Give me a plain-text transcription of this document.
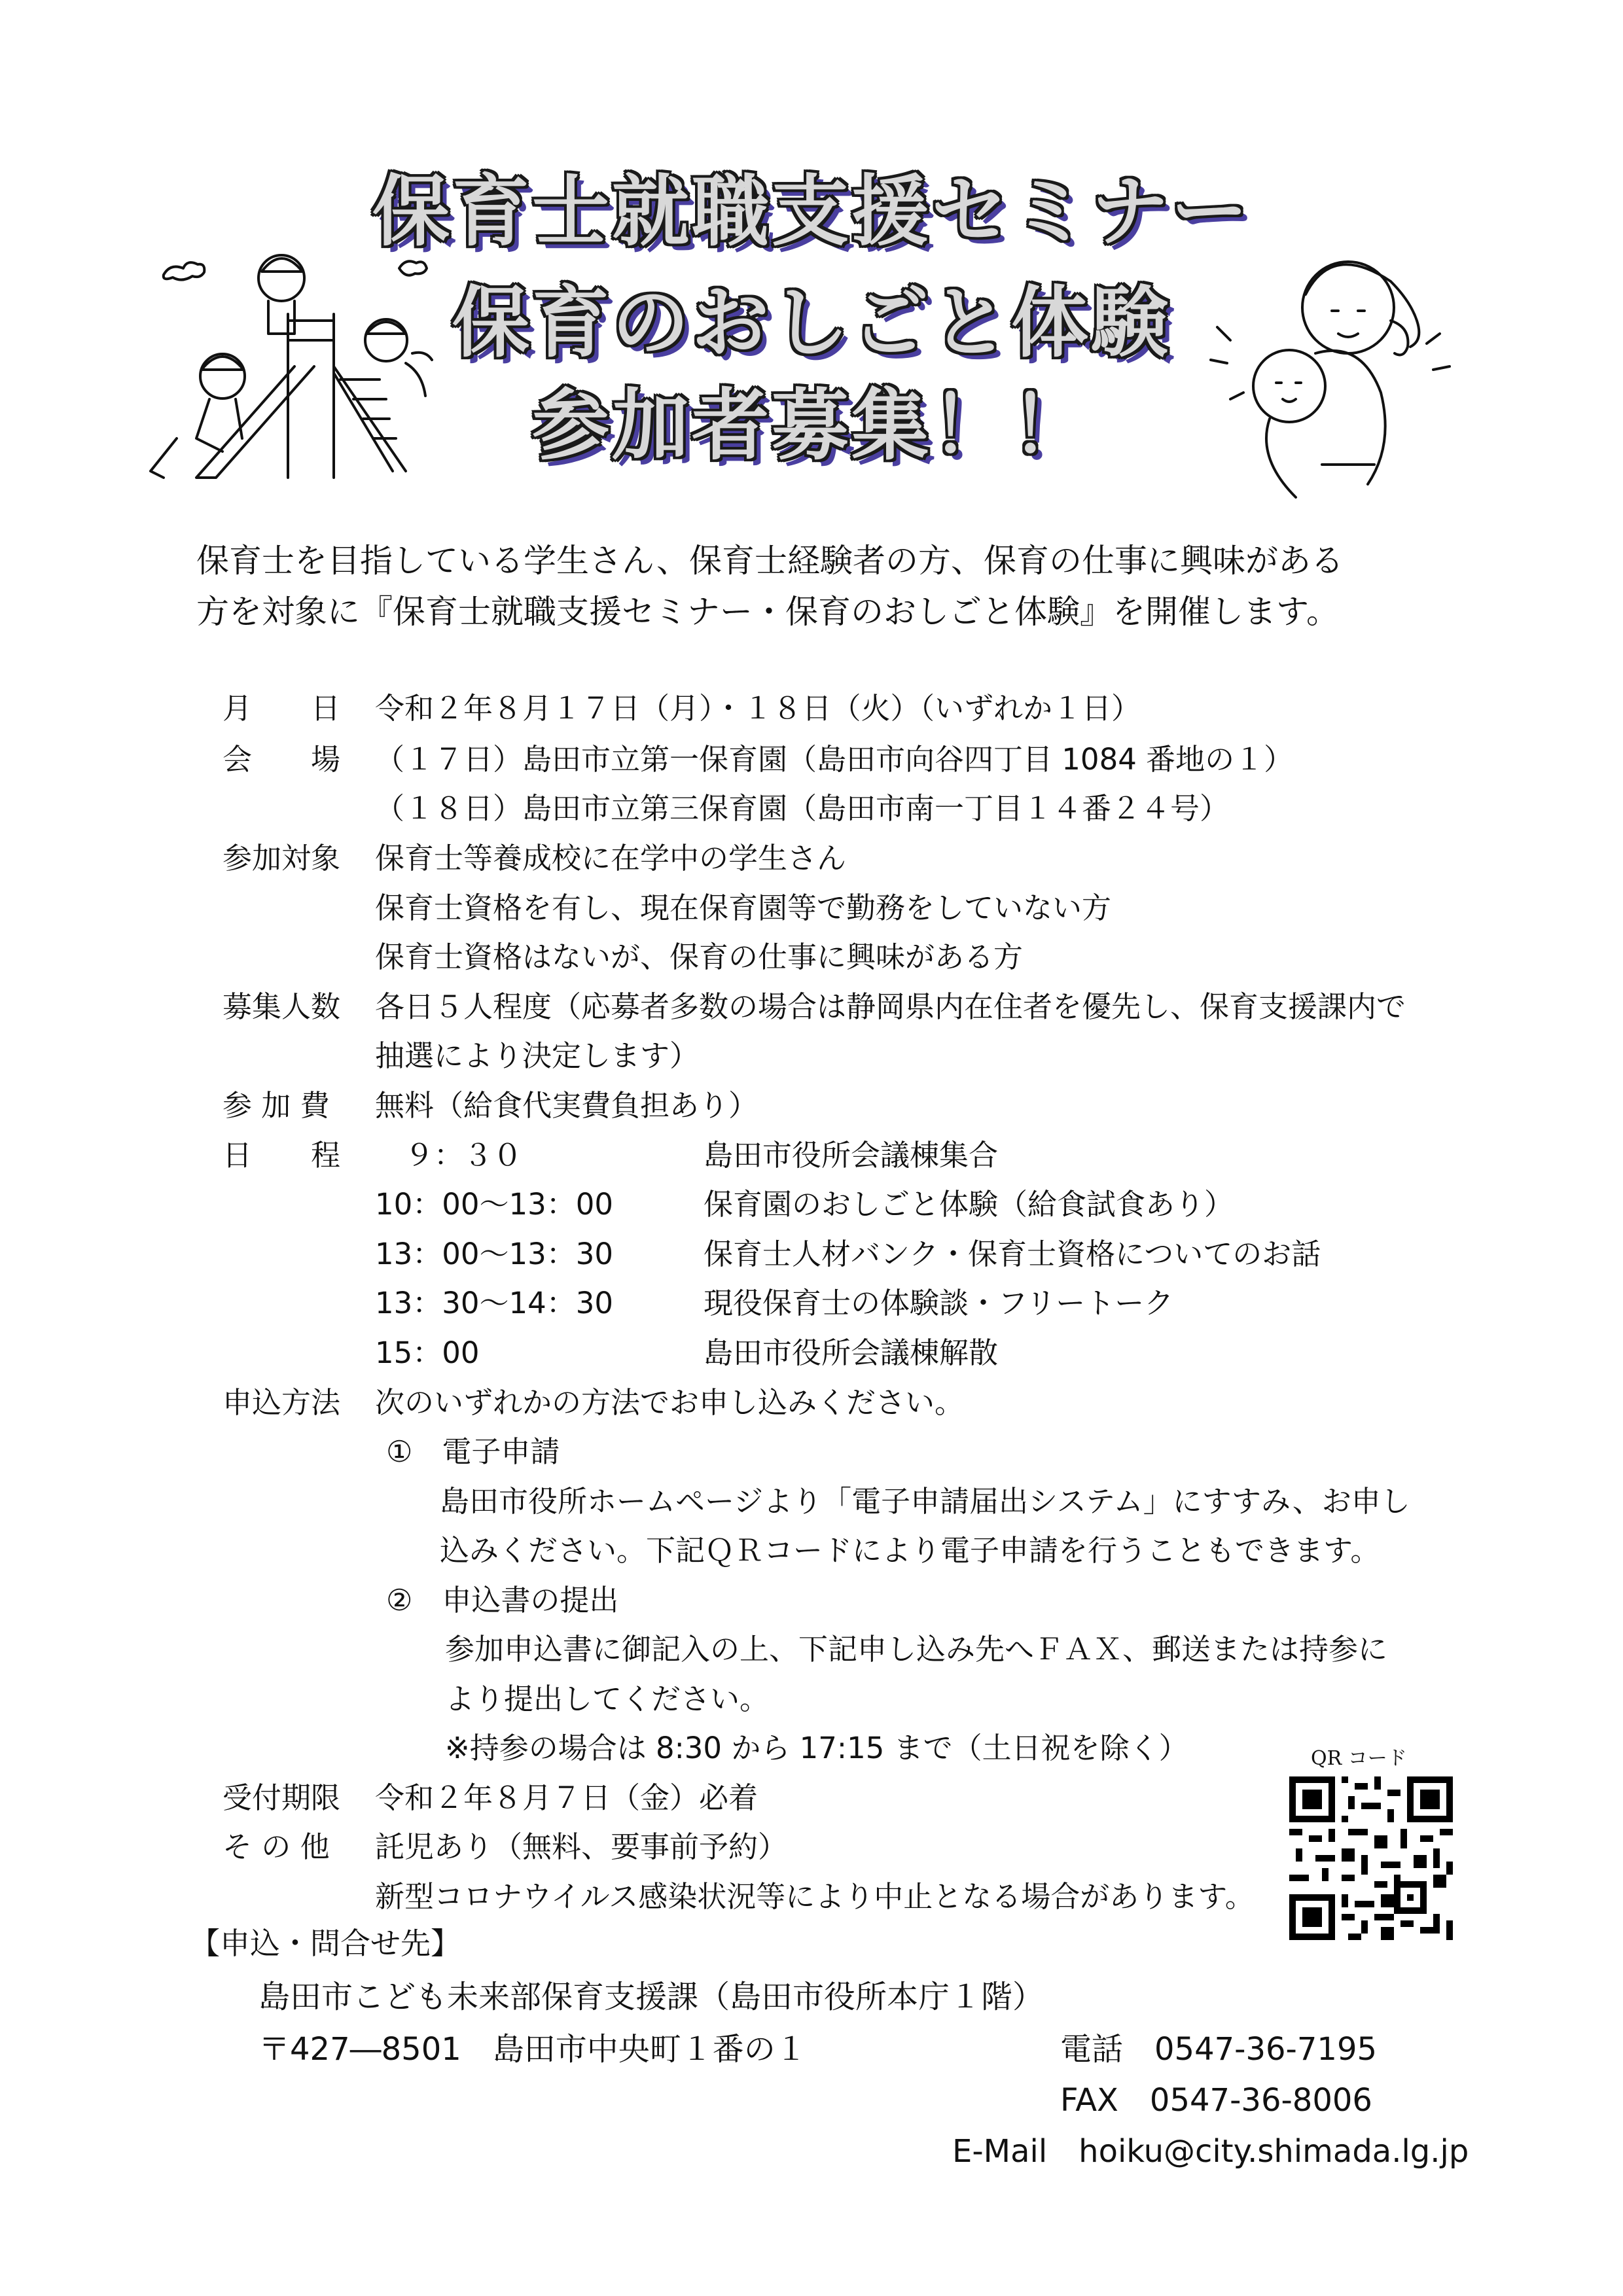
保育士就職支援セミナー
保育のおしごと体験
参加者募集！！
保育士を目指している学生さん、保育士経験者の方、保育の仕事に興味がある
方を対象に『保育士就職支援セミナー・保育のおしごと体験』を開催します。
月　　日 令和２年８月１７日（月）・１８日（火）（いずれか１日）
会　　場 （１７日）島田市立第一保育園（島田市向谷四丁目 1084 番地の１）
（１８日）島田市立第三保育園（島田市南一丁目１４番２４号）
参加対象 保育士等養成校に在学中の学生さん
保育士資格を有し、現在保育園等で勤務をしていない方
保育士資格はないが、保育の仕事に興味がある方
募集人数 各日５人程度（応募者多数の場合は静岡県内在住者を優先し、保育支援課内で
抽選により決定します）
参 加 費 無料（給食代実費負担あり）
日　　程 　９：３０	島田市役所会議棟集合
10：00～13：00	保育園のおしごと体験（給食試食あり）
13：00～13：30	保育士人材バンク・保育士資格についてのお話
13：30～14：30	現役保育士の体験談・フリートーク
15：00	島田市役所会議棟解散
申込方法 次のいずれかの方法でお申し込みください。
①　電子申請
島田市役所ホームページより「電子申請届出システム」にすすみ、お申し
込みください。下記ＱＲコードにより電子申請を行うこともできます。
②　申込書の提出
参加申込書に御記入の上、下記申し込み先へＦＡＸ、郵送または持参に
より提出してください。
※持参の場合は 8:30 から 17:15 まで（土日祝を除く）
受付期限 令和２年８月７日（金）必着
そ の 他 託児あり（無料、要事前予約）
新型コロナウイルス感染状況等により中止となる場合があります。
QR コード
【申込・問合せ先】
島田市こども未来部保育支援課（島田市役所本庁１階）
〒427―8501　島田市中央町１番の１	電話　0547-36-7195
FAX　0547-36-8006
E-Mail　hoiku@city.shimada.lg.jp
